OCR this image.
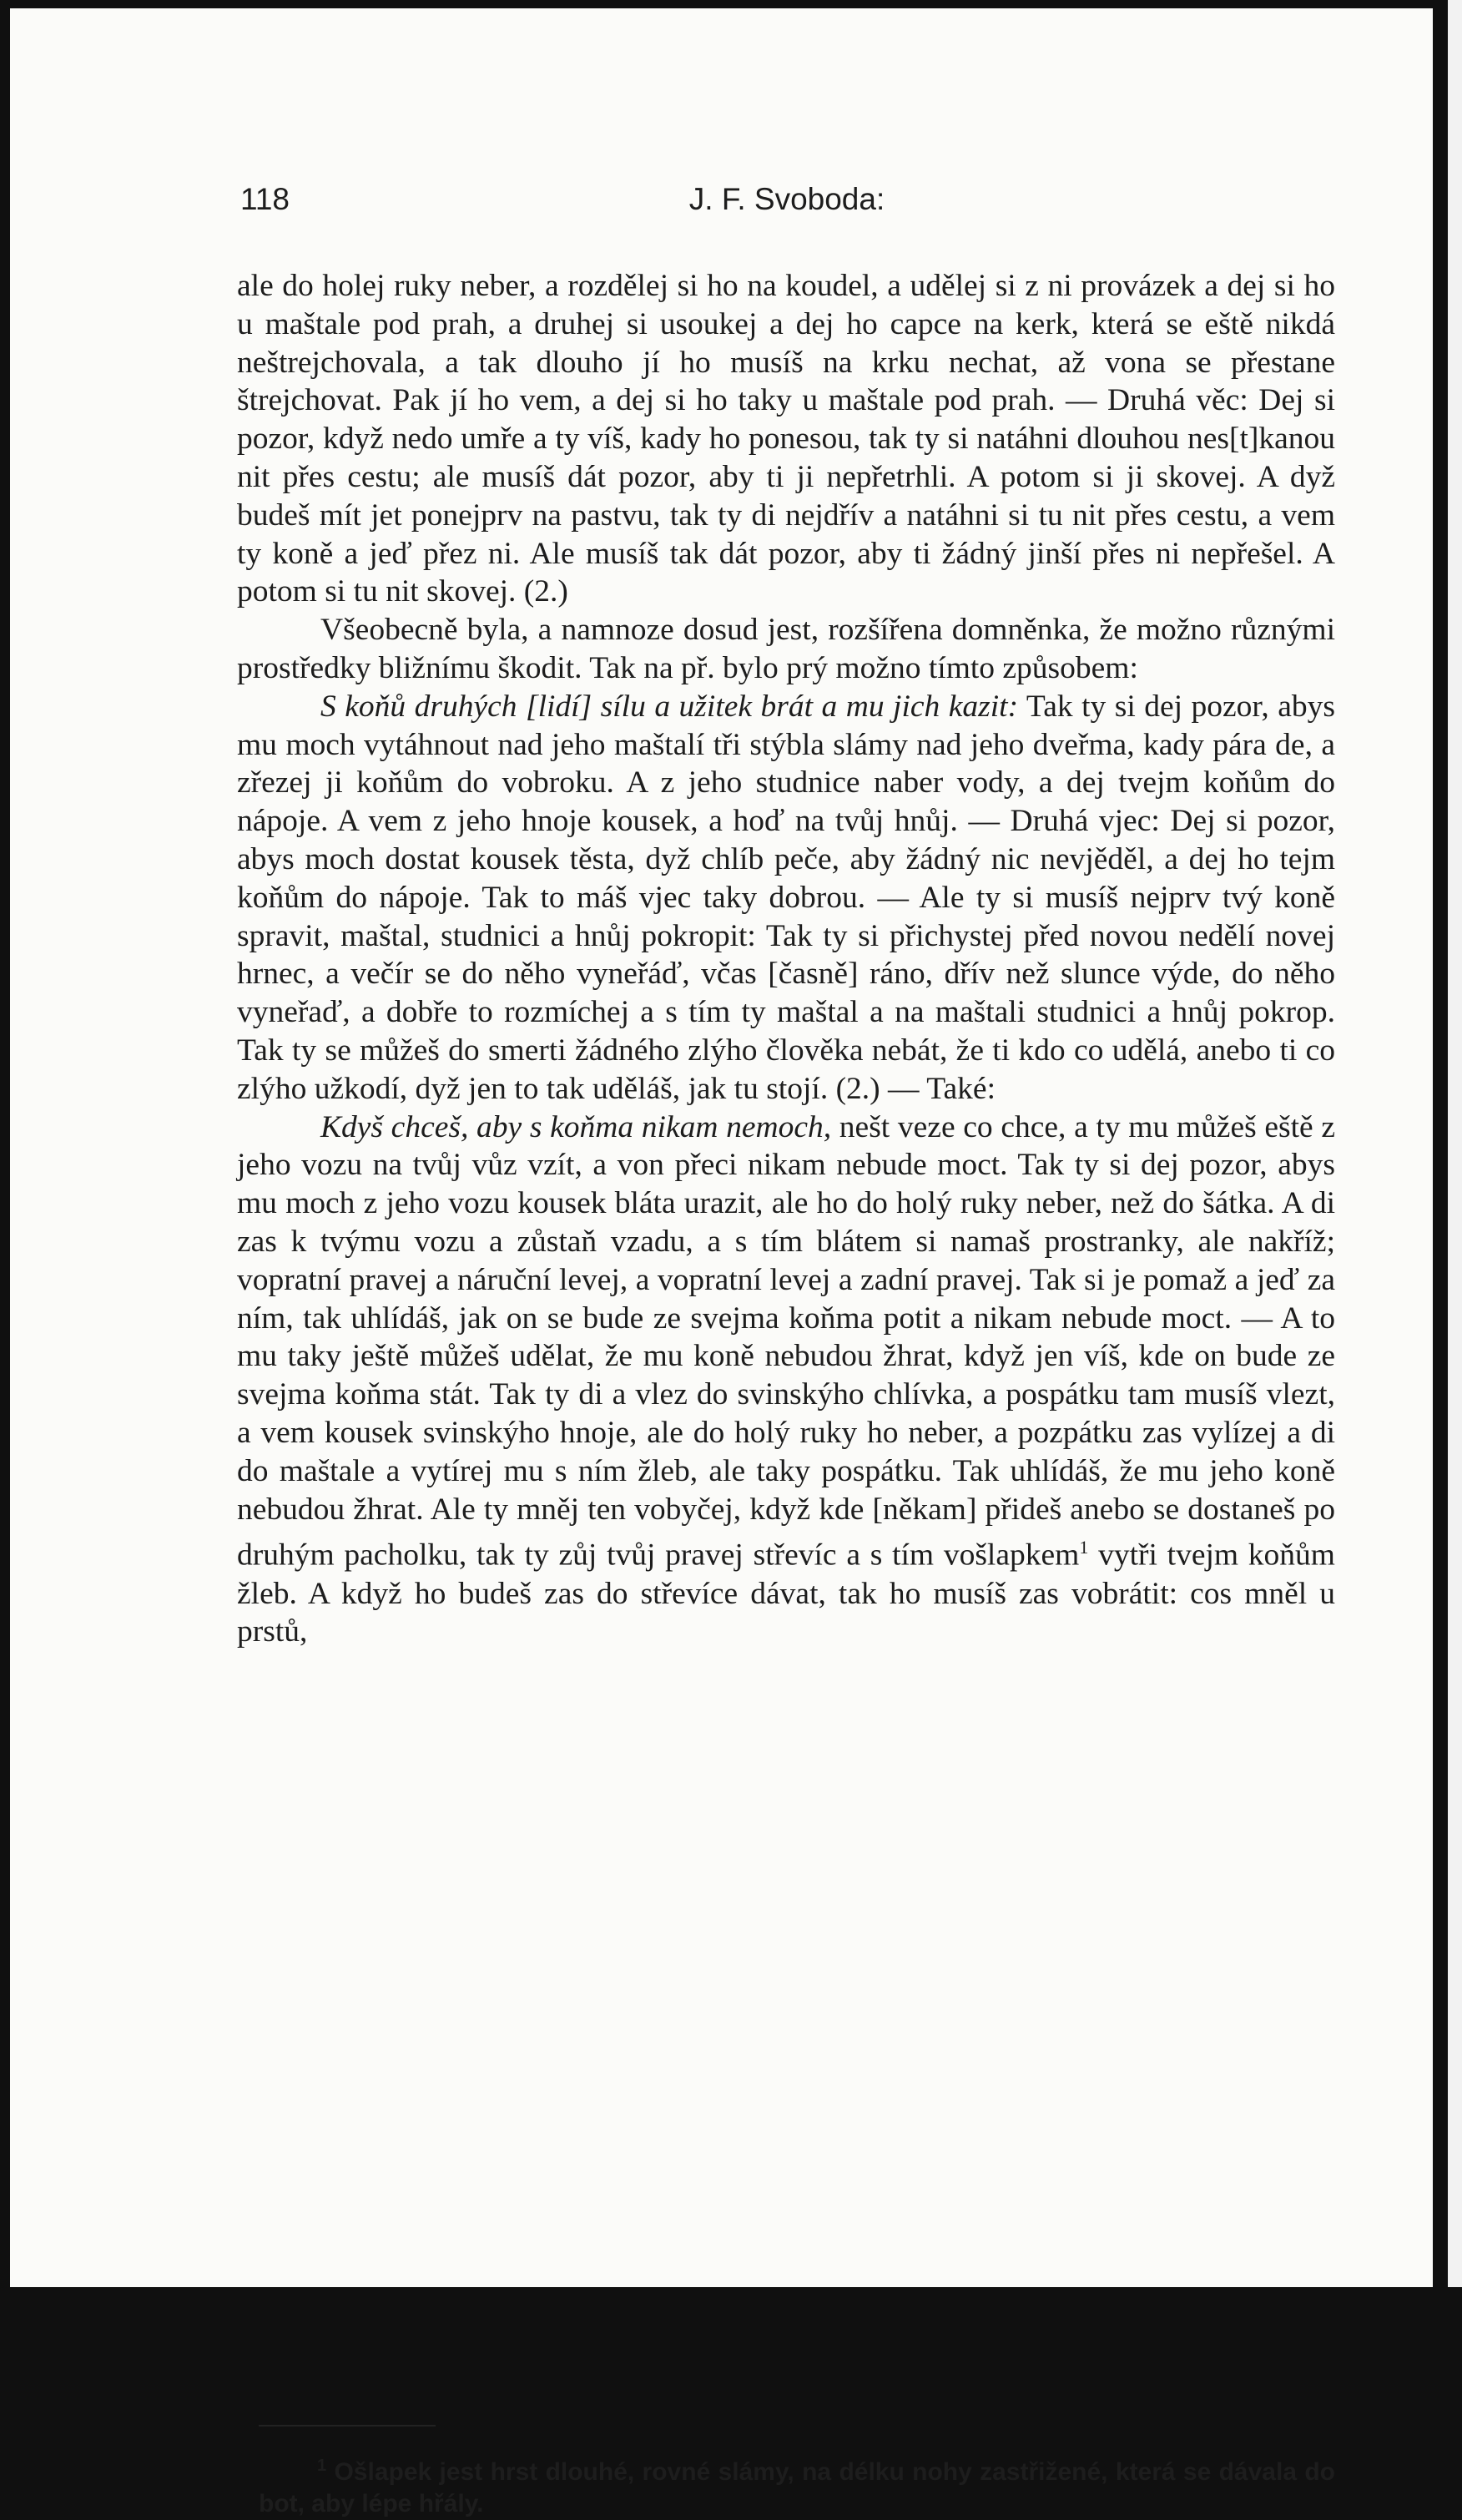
118	J. F. Svoboda:

ale do holej ruky neber, a rozdělej si ho na koudel, a udělej si z ni provázek a dej si ho u maštale pod prah, a druhej si usoukej a dej ho capce na kerk, která se eště nikdá neštrejchovala, a tak dlouho jí ho musíš na krku nechat, až vona se přestane štrejchovat. Pak jí ho vem, a dej si ho taky u maštale pod prah. — Druhá věc: Dej si pozor, když nedo umře a ty víš, kady ho ponesou, tak ty si natáhni dlouhou nes[t]kanou nit přes cestu; ale musíš dát pozor, aby ti ji nepřetrhli. A potom si ji skovej. A dyž budeš mít jet ponejprv na pastvu, tak ty di nejdřív a natáhni si tu nit přes cestu, a vem ty koně a jeď přez ni. Ale musíš tak dát pozor, aby ti žádný jinší přes ni nepřešel. A potom si tu nit skovej. (2.)

Všeobecně byla, a namnoze dosud jest, rozšířena domněnka, že možno různými prostředky bližnímu škodit. Tak na př. bylo prý možno tímto způsobem:

S koňů druhých [lidí] sílu a užitek brát a mu jich kazit: Tak ty si dej pozor, abys mu moch vytáhnout nad jeho maštalí tři stýbla slámy nad jeho dveřma, kady pára de, a zřezej ji koňům do vobroku. A z jeho studnice naber vody, a dej tvejm koňům do nápoje. A vem z jeho hnoje kousek, a hoď na tvůj hnůj. — Druhá vjec: Dej si pozor, abys moch dostat kousek těsta, dyž chlíb peče, aby žádný nic nevjěděl, a dej ho tejm koňům do nápoje. Tak to máš vjec taky dobrou. — Ale ty si musíš nejprv tvý koně spravit, maštal, studnici a hnůj pokropit: Tak ty si přichystej před novou nedělí novej hrnec, a večír se do něho vyneřáď, včas [časně] ráno, dřív než slunce výde, do něho vyneřaď, a dobře to rozmíchej a s tím ty maštal a na maštali studnici a hnůj pokrop. Tak ty se můžeš do smerti žádného zlýho člověka nebát, že ti kdo co udělá, anebo ti co zlýho užkodí, dyž jen to tak uděláš, jak tu stojí. (2.) — Také:

Kdyš chceš, aby s koňma nikam nemoch, nešt veze co chce, a ty mu můžeš eště z jeho vozu na tvůj vůz vzít, a von přeci nikam nebude moct. Tak ty si dej pozor, abys mu moch z jeho vozu kousek bláta urazit, ale ho do holý ruky neber, než do šátka. A di zas k tvýmu vozu a zůstaň vzadu, a s tím blátem si namaš prostranky, ale nakříž; vopratní pravej a náruční levej, a vopratní levej a zadní pravej. Tak si je pomaž a jeď za ním, tak uhlídáš, jak on se bude ze svejma koňma potit a nikam nebude moct. — A to mu taky ještě můžeš udělat, že mu koně nebudou žhrat, když jen víš, kde on bude ze svejma koňma stát. Tak ty di a vlez do svinskýho chlívka, a pospátku tam musíš vlezt, a vem kousek svinskýho hnoje, ale do holý ruky ho neber, a pozpátku zas vylízej a di do maštale a vytírej mu s ním žleb, ale taky pospátku. Tak uhlídáš, že mu jeho koně nebudou žhrat. Ale ty mněj ten vobyčej, když kde [někam] přideš anebo se dostaneš po druhým pacholku, tak ty zůj tvůj pravej střevíc a s tím vošlapkem$^1$ vytři tvejm koňům žleb. A když ho budeš zas do střevíce dávat, tak ho musíš zas vobrátit: cos mněl u prstů,

$^1$ Ošlapek jest hrst dlouhé, rovné slámy, na délku nohy zastřižené, která se dávala do bot, aby lépe hřály.
